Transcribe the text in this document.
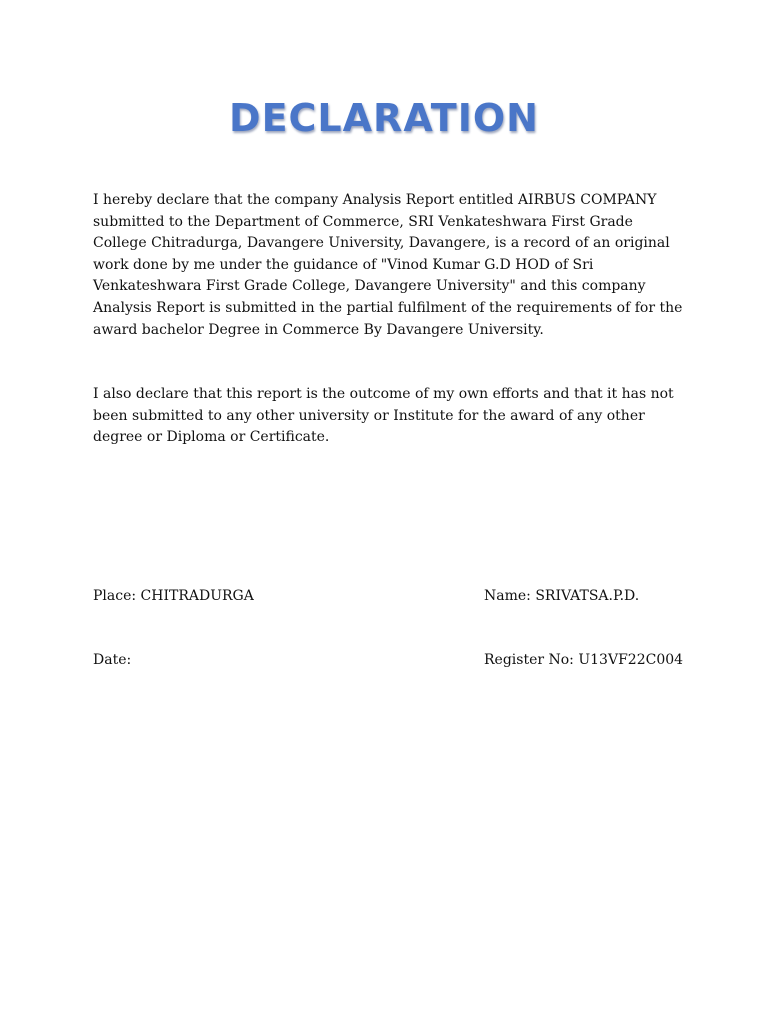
DECLARATION

I hereby declare that the company Analysis Report entitled AIRBUS COMPANY submitted to the Department of Commerce, SRI Venkateshwara First Grade College Chitradurga, Davangere University, Davangere, is a record of an original work done by me under the guidance of "Vinod Kumar G.D HOD of Sri Venkateshwara First Grade College, Davangere University" and this company Analysis Report is submitted in the partial fulfilment of the requirements of for the award bachelor Degree in Commerce By Davangere University.

I also declare that this report is the outcome of my own efforts and that it has not been submitted to any other university or Institute for the award of any other degree or Diploma or Certificate.

Place: CHITRADURGA	Name: SRIVATSA.P.D.
Date:	Register No: U13VF22C004
